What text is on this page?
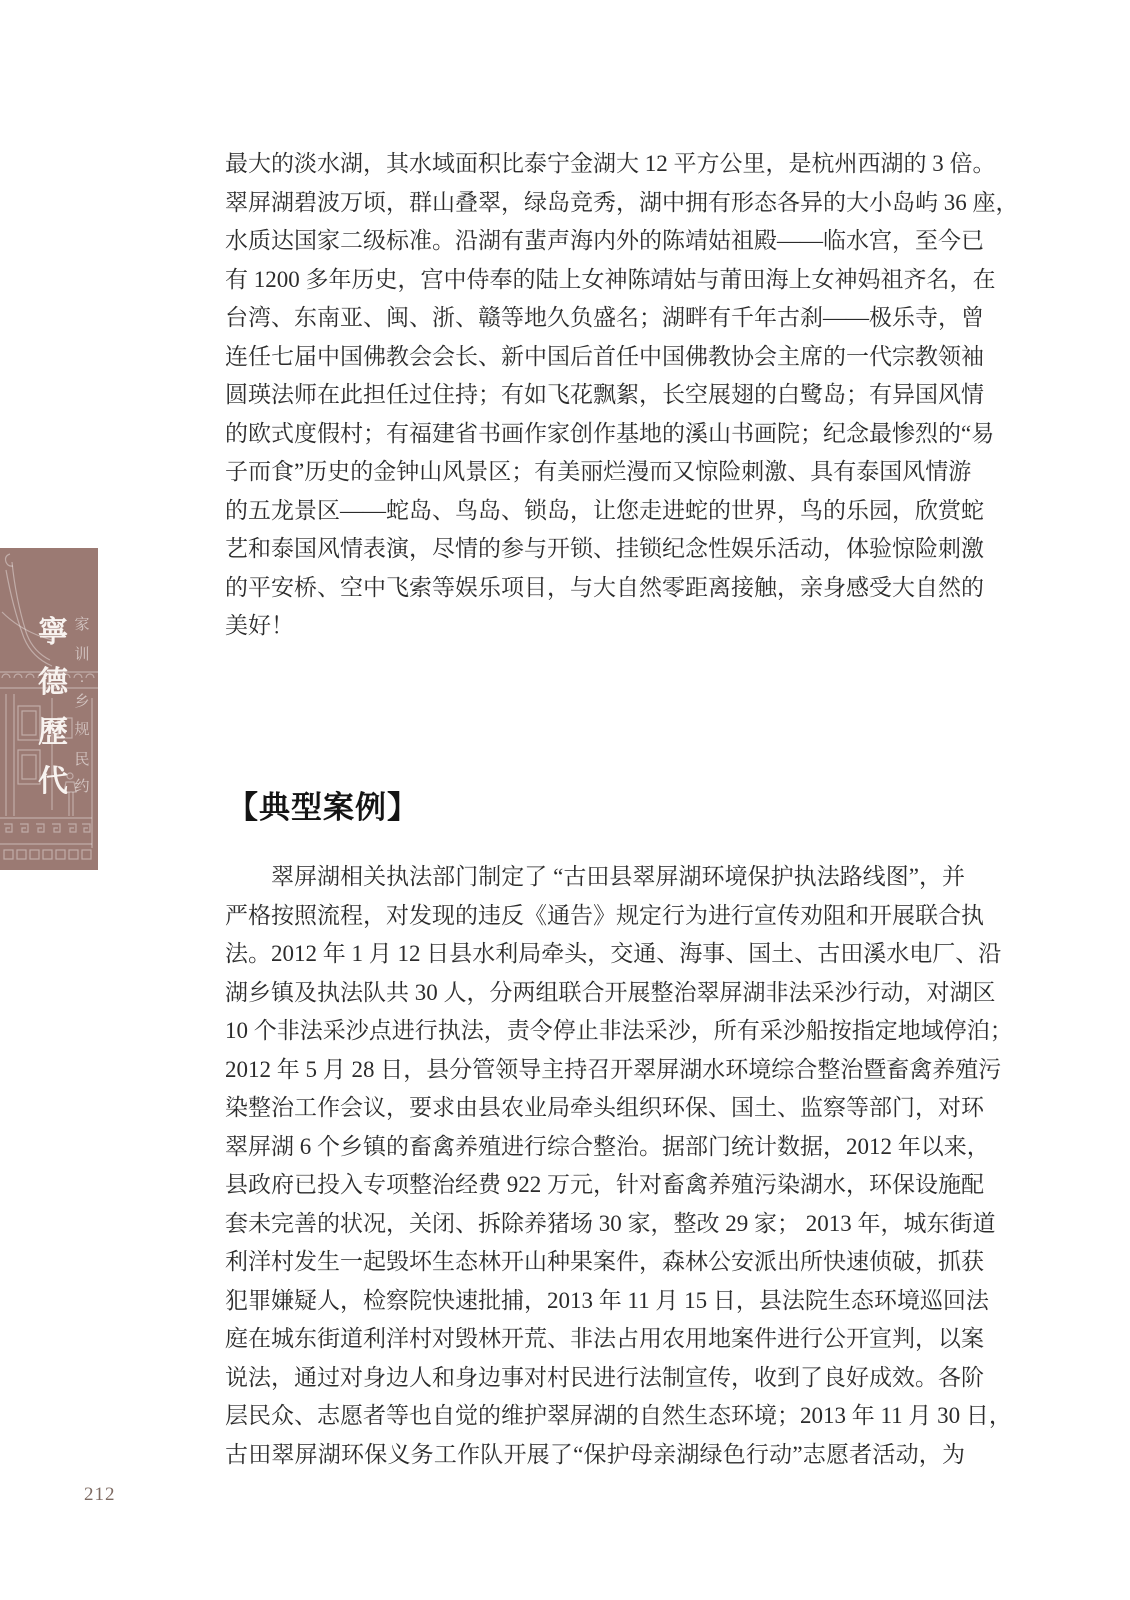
寧
德
歷
代
家
训
·
乡
规
民
约
最大的淡水湖，其水域面积比泰宁金湖大 12 平方公里，是杭州西湖的 3 倍。
翠屏湖碧波万顷，群山叠翠，绿岛竞秀，湖中拥有形态各异的大小岛屿 36 座，
水质达国家二级标准。沿湖有蜚声海内外的陈靖姑祖殿——临水宫，至今已
有 1200 多年历史，宫中侍奉的陆上女神陈靖姑与莆田海上女神妈祖齐名，在
台湾、东南亚、闽、浙、赣等地久负盛名；湖畔有千年古刹——极乐寺，曾
连任七届中国佛教会会长、新中国后首任中国佛教协会主席的一代宗教领袖
圆瑛法师在此担任过住持；有如飞花飘絮，长空展翅的白鹭岛；有异国风情
的欧式度假村；有福建省书画作家创作基地的溪山书画院；纪念最惨烈的“易
子而食”历史的金钟山风景区；有美丽烂漫而又惊险刺激、具有泰国风情游
的五龙景区——蛇岛、鸟岛、锁岛，让您走进蛇的世界，鸟的乐园，欣赏蛇
艺和泰国风情表演，尽情的参与开锁、挂锁纪念性娱乐活动，体验惊险刺激
的平安桥、空中飞索等娱乐项目，与大自然零距离接触，亲身感受大自然的
美好！
【典型案例】
翠屏湖相关执法部门制定了 “古田县翠屏湖环境保护执法路线图”，并
严格按照流程，对发现的违反《通告》规定行为进行宣传劝阻和开展联合执
法。2012 年 1 月 12 日县水利局牵头，交通、海事、国土、古田溪水电厂、沿
湖乡镇及执法队共 30 人，分两组联合开展整治翠屏湖非法采沙行动，对湖区
10 个非法采沙点进行执法，责令停止非法采沙，所有采沙船按指定地域停泊；
2012 年 5 月 28 日，县分管领导主持召开翠屏湖水环境综合整治暨畜禽养殖污
染整治工作会议，要求由县农业局牵头组织环保、国土、监察等部门，对环
翠屏湖 6 个乡镇的畜禽养殖进行综合整治。据部门统计数据，2012 年以来，
县政府已投入专项整治经费 922 万元，针对畜禽养殖污染湖水，环保设施配
套未完善的状况，关闭、拆除养猪场 30 家，整改 29 家； 2013 年，城东街道
利洋村发生一起毁坏生态林开山种果案件，森林公安派出所快速侦破，抓获
犯罪嫌疑人，检察院快速批捕，2013 年 11 月 15 日，县法院生态环境巡回法
庭在城东街道利洋村对毁林开荒、非法占用农用地案件进行公开宣判，以案
说法，通过对身边人和身边事对村民进行法制宣传，收到了良好成效。各阶
层民众、志愿者等也自觉的维护翠屏湖的自然生态环境；2013 年 11 月 30 日，
古田翠屏湖环保义务工作队开展了“保护母亲湖绿色行动”志愿者活动，为
212
